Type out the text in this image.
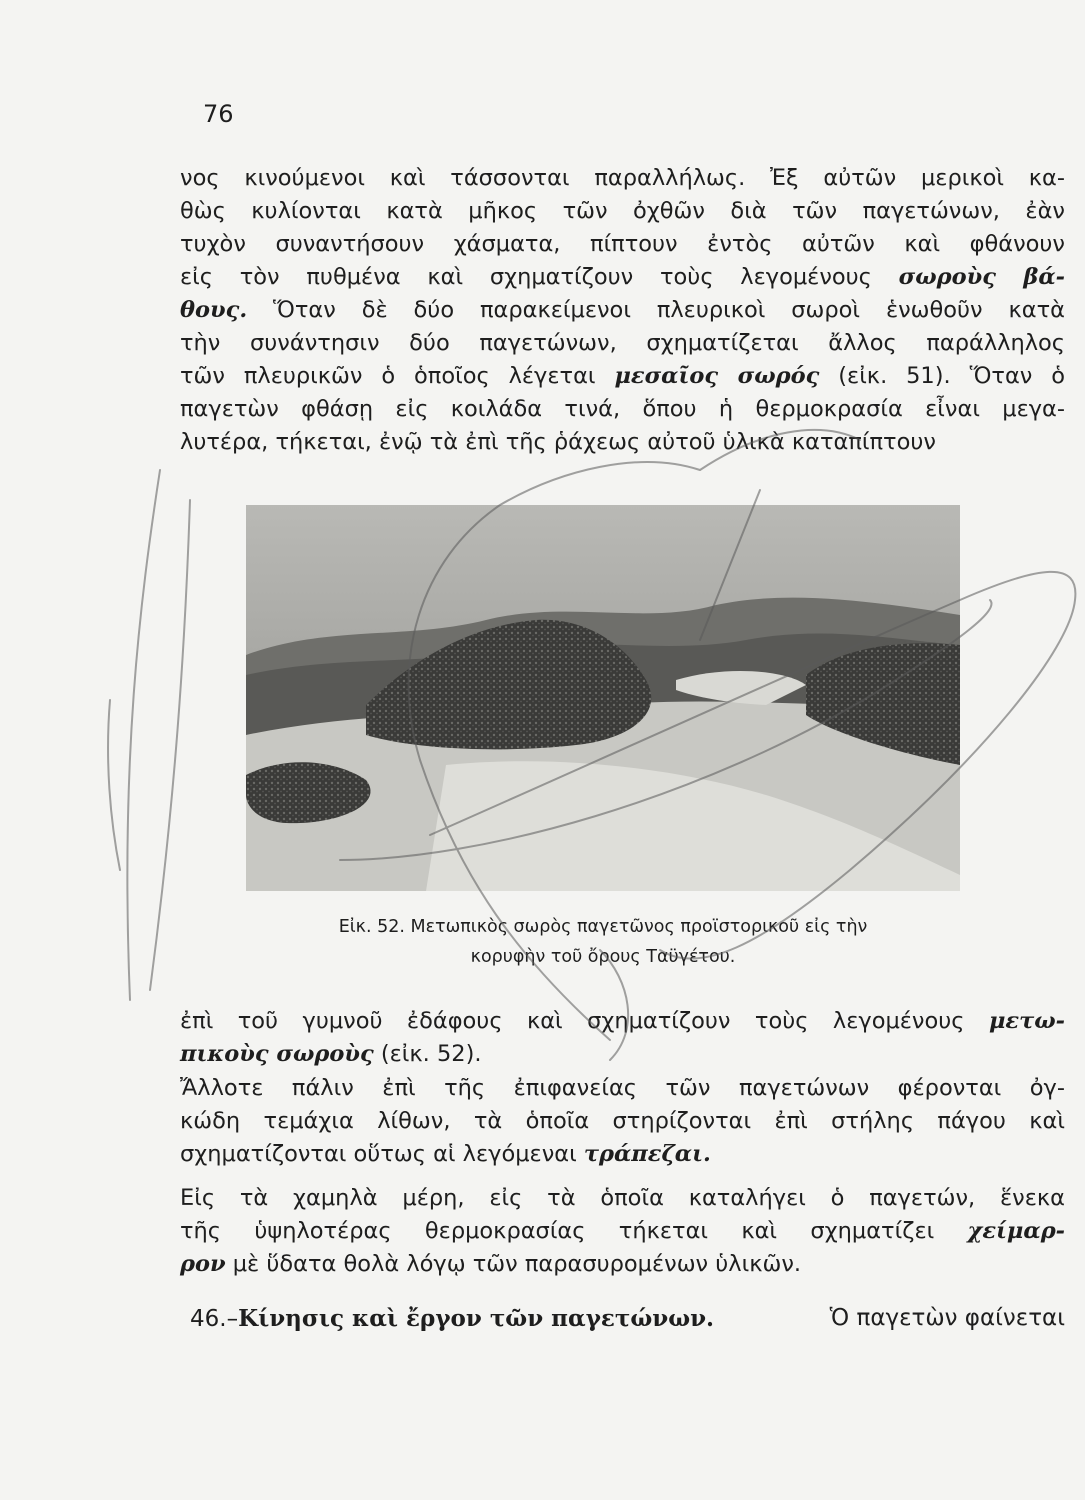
76
νος κινούμενοι καὶ τάσσονται παραλλήλως. Ἐξ αὐτῶν μερικοὶ κα-
θὼς κυλίονται κατὰ μῆκος τῶν ὀχθῶν διὰ τῶν παγετώνων, ἐὰν
τυχὸν συναντήσουν χάσματα, πίπτουν ἐντὸς αὐτῶν καὶ φθάνουν
εἰς τὸν πυθμένα καὶ σχηματίζουν τοὺς λεγομένους σωροὺς βά-
θους. Ὅταν δὲ δύο παρακείμενοι πλευρικοὶ σωροὶ ἑνωθοῦν κατὰ
τὴν συνάντησιν δύο παγετώνων, σχηματίζεται ἄλλος παράλληλος
τῶν πλευρικῶν ὁ ὁποῖος λέγεται μεσαῖος σωρός (εἰκ. 51). Ὅταν ὁ
παγετὼν φθάσῃ εἰς κοιλάδα τινά, ὅπου ἡ θερμοκρασία εἶναι μεγα-
λυτέρα, τήκεται, ἐνῷ τὰ ἐπὶ τῆς ῥάχεως αὐτοῦ ὑλικὰ καταπίπτουν
Εἰκ. 52. Μετωπικὸς σωρὸς παγετῶνος προϊστορικοῦ εἰς τὴν
κορυφὴν τοῦ ὄρους Ταϋγέτου.
ἐπὶ τοῦ γυμνοῦ ἐδάφους καὶ σχηματίζουν τοὺς λεγομένους μετω-
πικοὺς σωροὺς (εἰκ. 52).
Ἄλλοτε πάλιν ἐπὶ τῆς ἐπιφανείας τῶν παγετώνων φέρονται ὀγ-
κώδη τεμάχια λίθων, τὰ ὁποῖα στηρίζονται ἐπὶ στήλης πάγου καὶ
σχηματίζονται οὕτως αἱ λεγόμεναι τράπεζαι.
Εἰς τὰ χαμηλὰ μέρη, εἰς τὰ ὁποῖα καταλήγει ὁ παγετών, ἕνεκα
τῆς ὑψηλοτέρας θερμοκρασίας τήκεται καὶ σχηματίζει χείμαρ-
ρον μὲ ὕδατα θολὰ λόγῳ τῶν παρασυρομένων ὑλικῶν.
46.–Κίνησις καὶ ἔργον τῶν παγετώνων.	Ὁ παγετὼν φαίνεται
